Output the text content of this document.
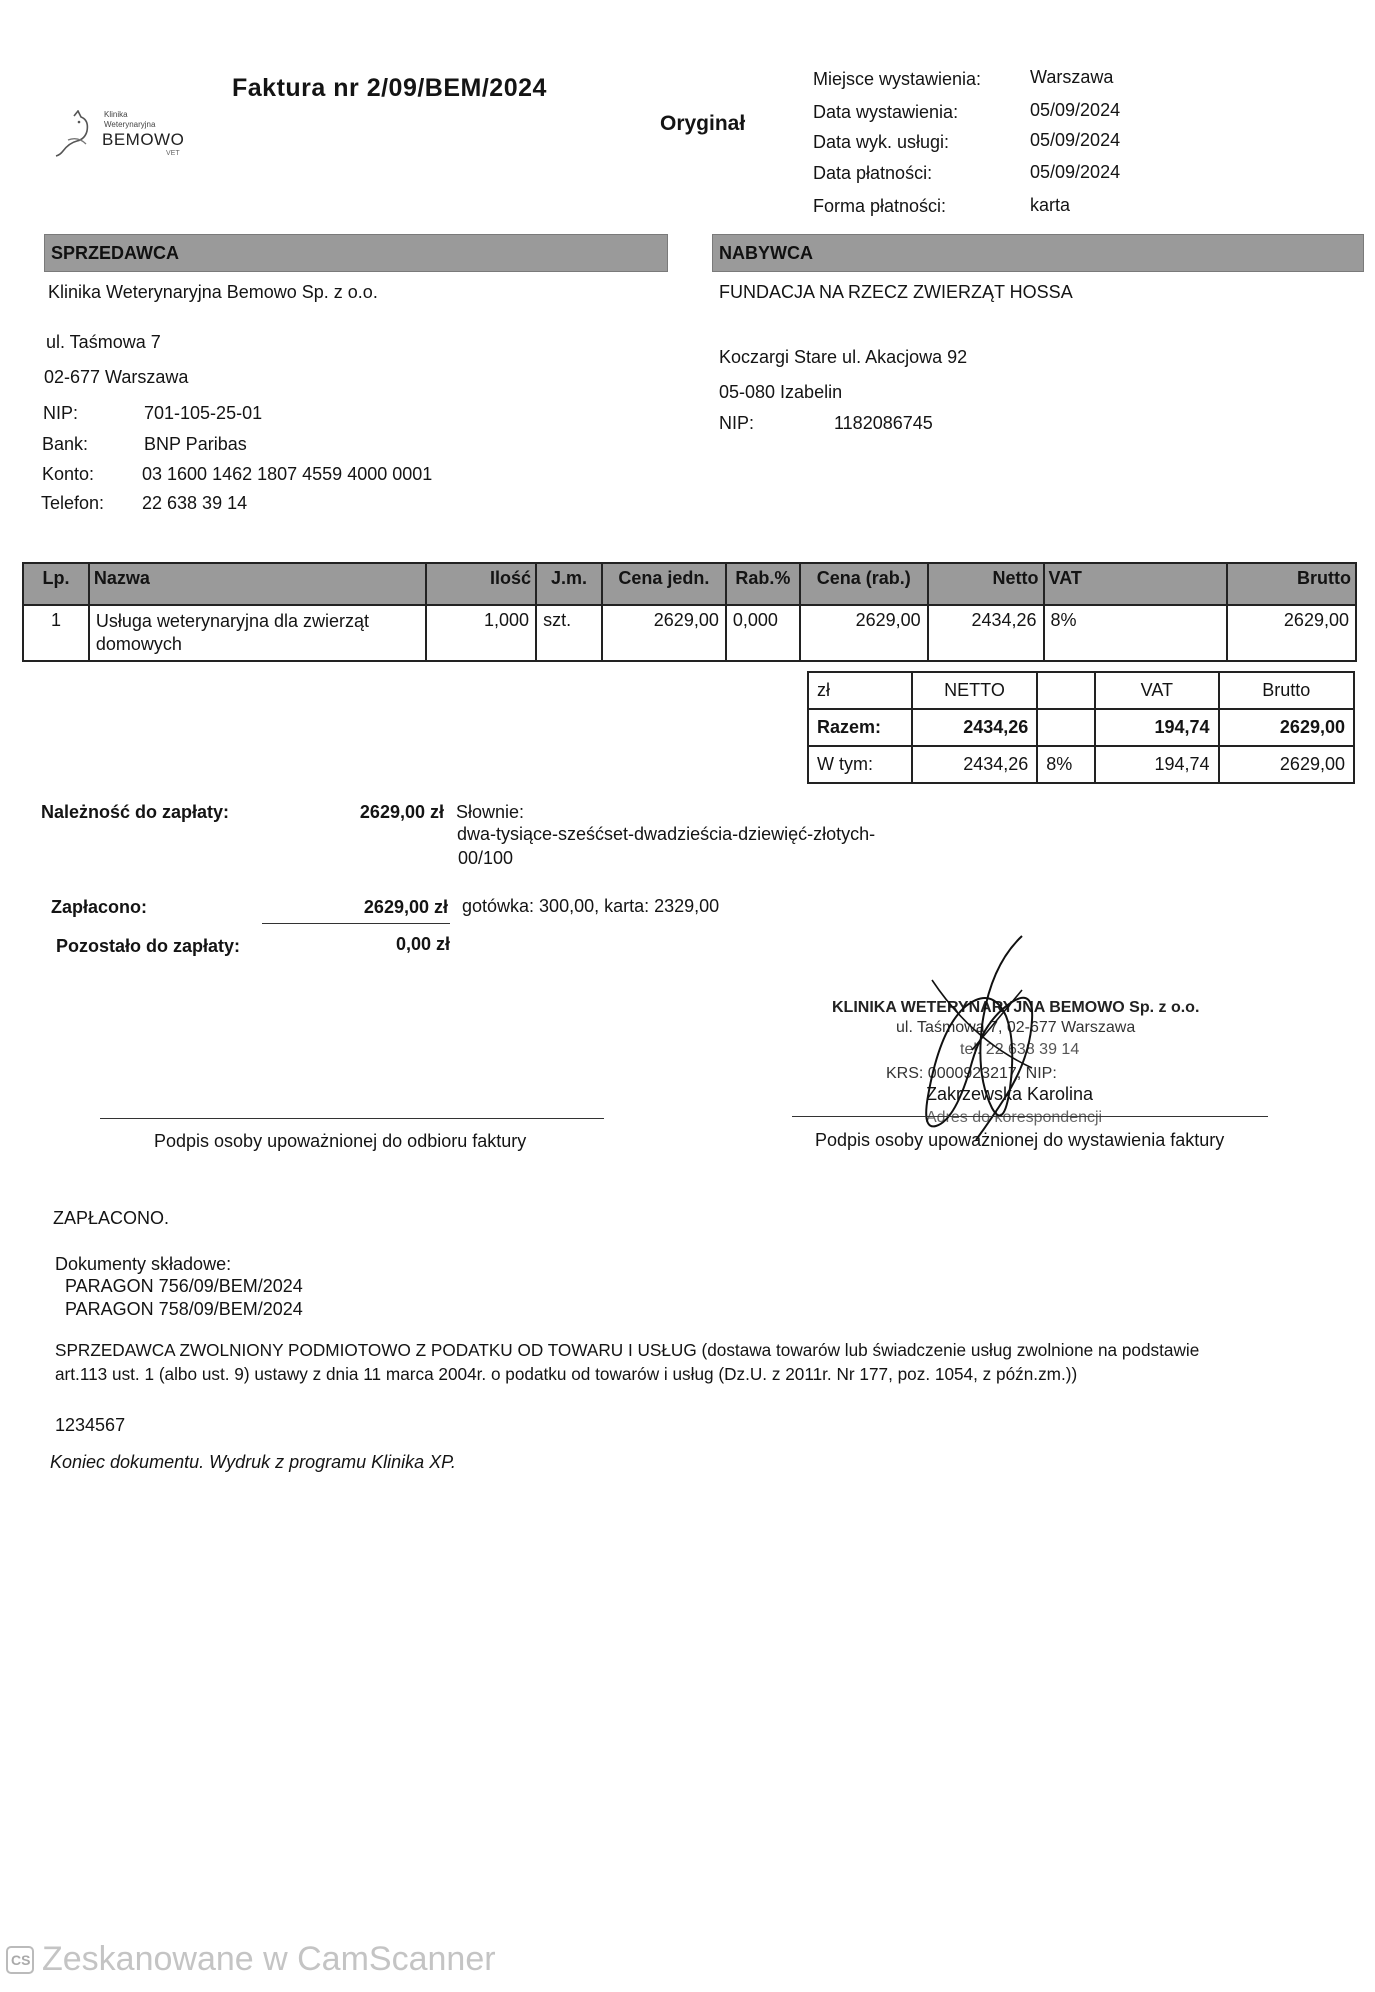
Klinika
Weterynaryjna
BEMOWO
VET
Faktura nr 2/09/BEM/2024
Oryginał
Miejsce wystawienia:	Warszawa
Data wystawienia:	05/09/2024
Data wyk. usługi:	05/09/2024
Data płatności:	05/09/2024
Forma płatności:	karta
SPRZEDAWCA	NABYWCA
Klinika Weterynaryjna Bemowo Sp. z o.o.
ul. Taśmowa 7
02-677 Warszawa
NIP:	701-105-25-01
Bank:	BNP Paribas
Konto:	03 1600 1462 1807 4559 4000 0001
Telefon: 22 638 39 14
FUNDACJA NA RZECZ ZWIERZĄT HOSSA
Koczargi Stare ul. Akacjowa 92
05-080 Izabelin
NIP:	1182086745
Lp.	Nazwa	Ilość	J.m.	Cena jedn.	Rab.%	Cena (rab.)	Netto	VAT	Brutto
1	Usługa weterynaryjna dla zwierząt domowych	1,000	szt.	2629,00	0,000	2629,00	2434,26	8%	2629,00
zł	NETTO		VAT	Brutto
Razem:	2434,26		194,74	2629,00
W tym:	2434,26	8%	194,74	2629,00
Należność do zapłaty:	2629,00 zł Słownie:
dwa-tysiące-sześćset-dwadzieścia-dziewięć-złotych-
00/100
Zapłacono:	2629,00 zł gotówka: 300,00, karta: 2329,00
Pozostało do zapłaty:	0,00 zł
KLINIKA WETERYNARYJNA BEMOWO Sp. z o.o.
ul. Taśmowa 7, 02-677 Warszawa
tel. 22 638 39 14
KRS: 0000923217, NIP:
Zakrzewska Karolina
Adres do korespondencji
Podpis osoby upoważnionej do odbioru faktury	Podpis osoby upoważnionej do wystawienia faktury
ZAPŁACONO.
Dokumenty składowe:
PARAGON 756/09/BEM/2024
PARAGON 758/09/BEM/2024
SPRZEDAWCA ZWOLNIONY PODMIOTOWO Z PODATKU OD TOWARU I USŁUG (dostawa towarów lub świadczenie usług zwolnione na podstawie
art.113 ust. 1 (albo ust. 9) ustawy z dnia 11 marca 2004r. o podatku od towarów i usług (Dz.U. z 2011r. Nr 177, poz. 1054, z późn.zm.))
1234567
Koniec dokumentu. Wydruk z programu Klinika XP.
CS Zeskanowane w CamScanner
